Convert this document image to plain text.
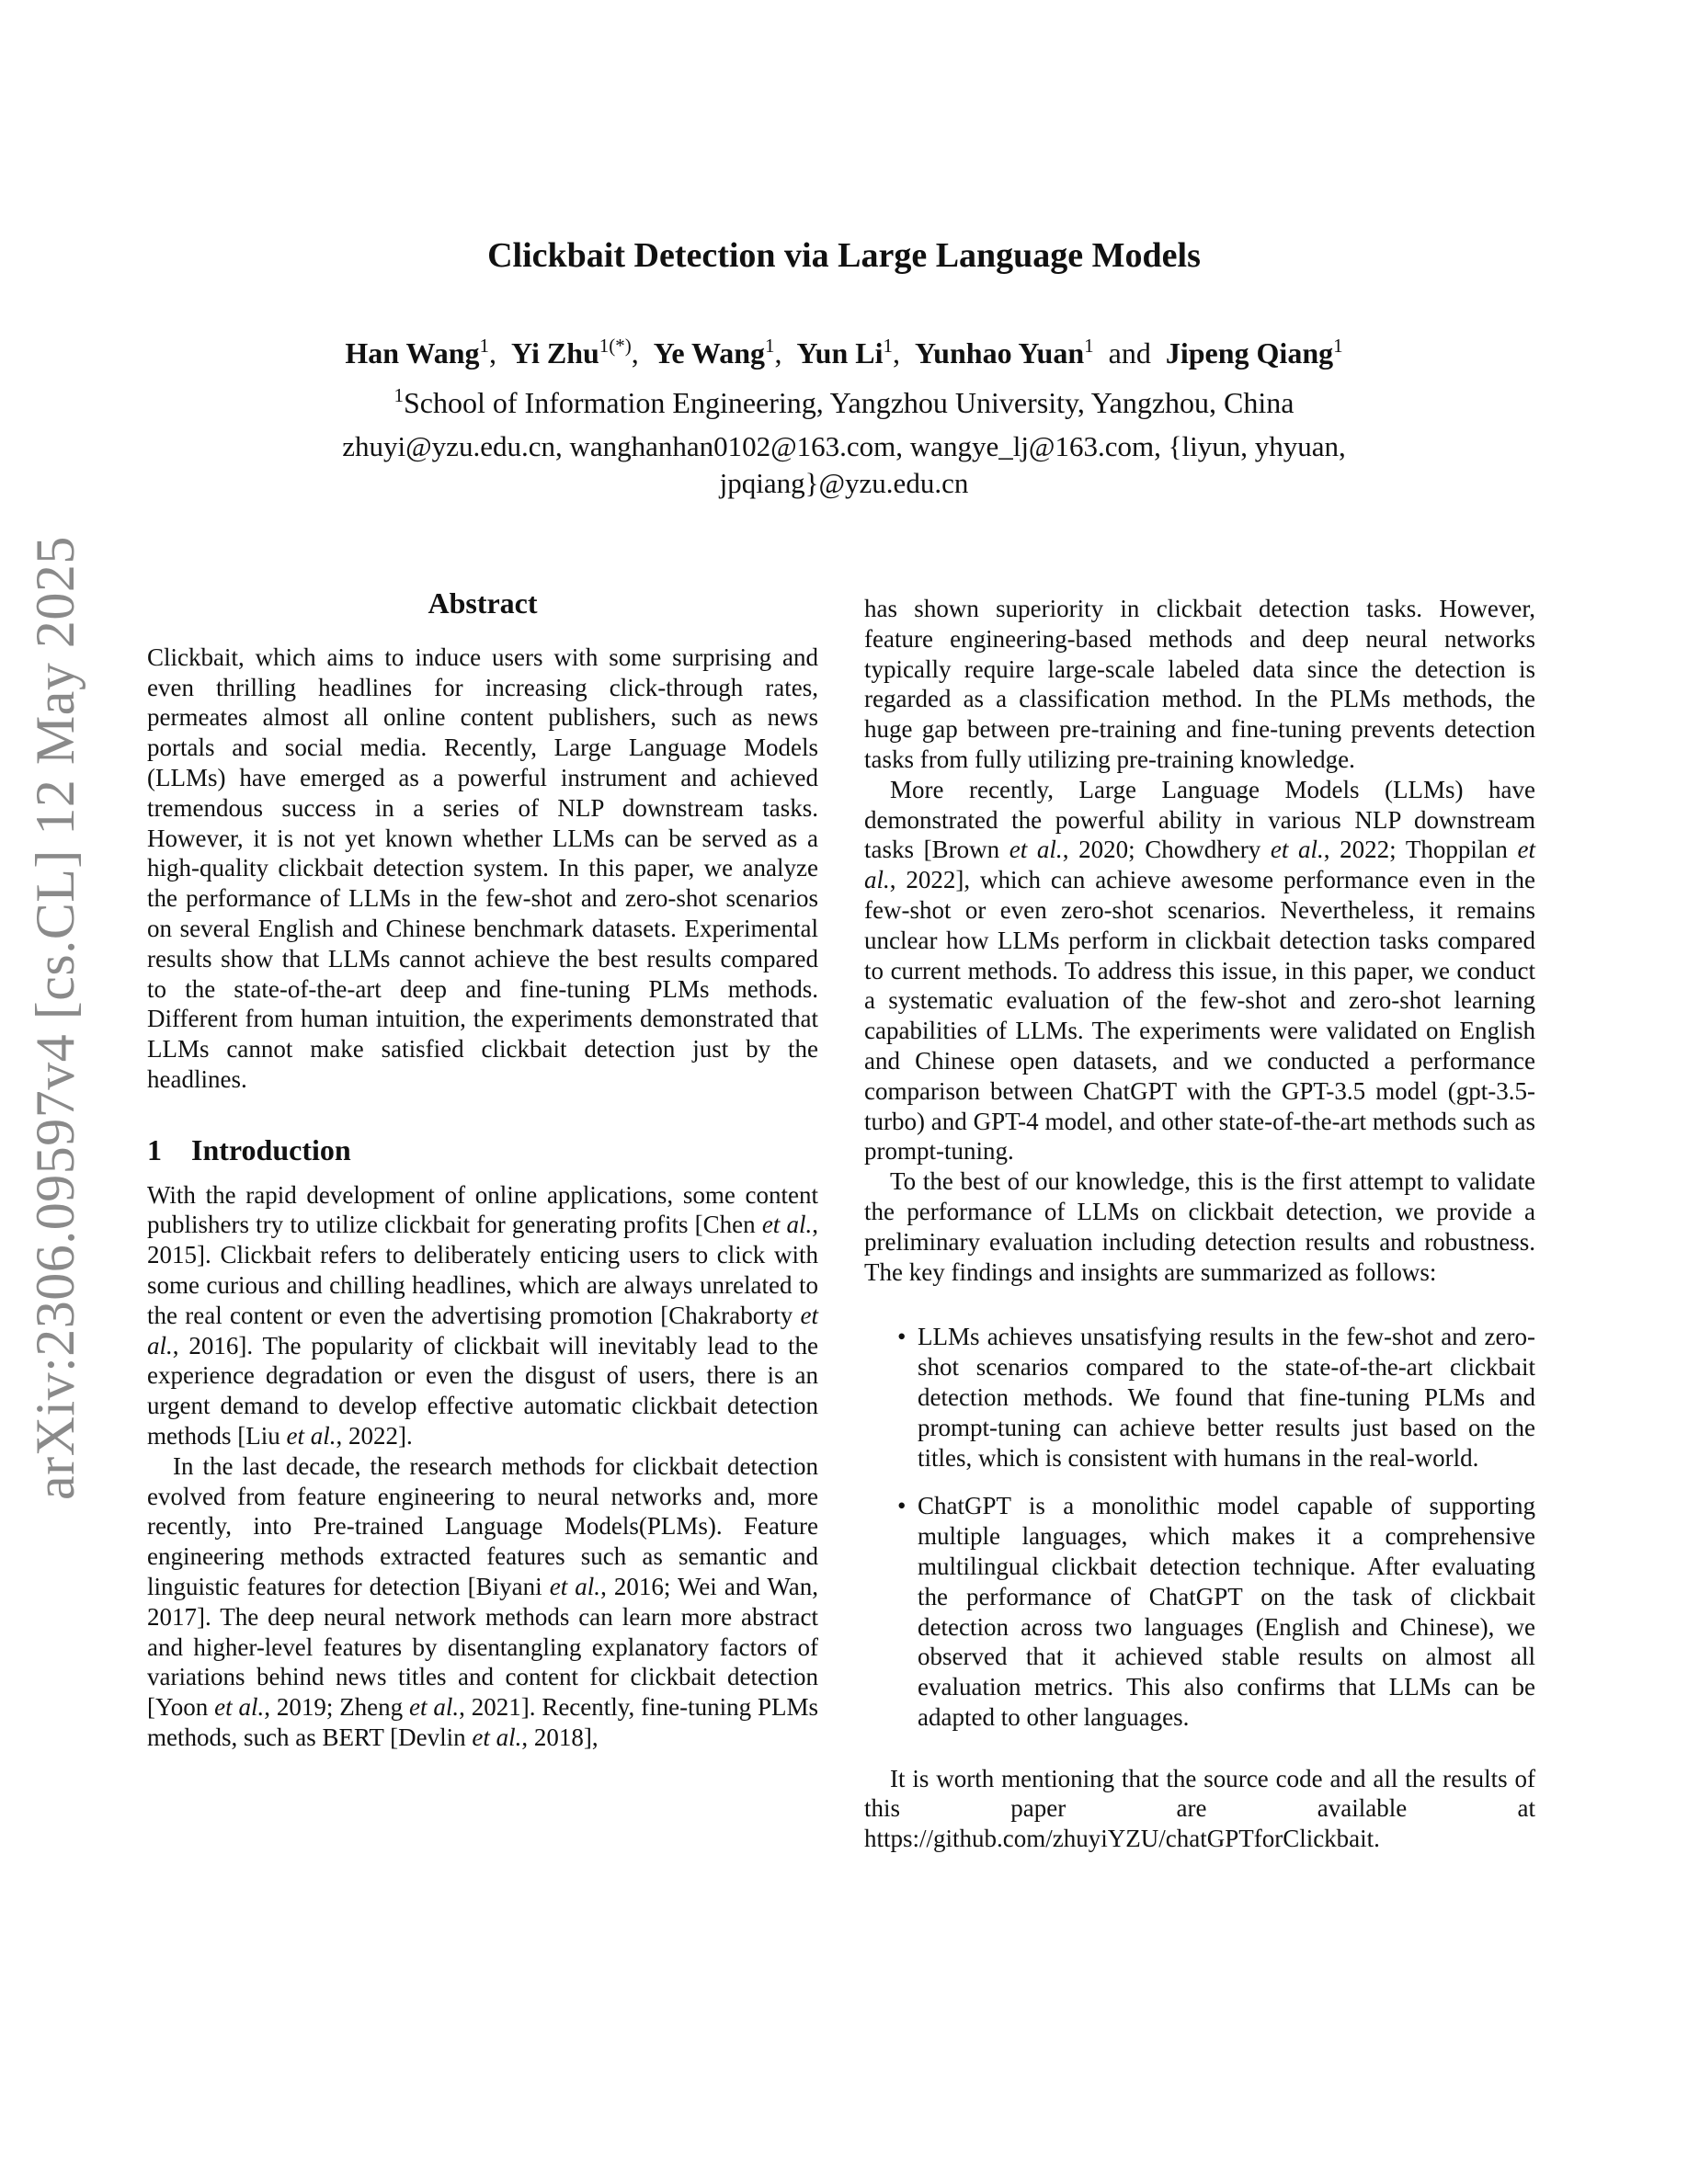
arXiv:2306.09597v4 [cs.CL] 12 May 2025
Clickbait Detection via Large Language Models
Han Wang$^1$,  Yi Zhu$^{1(*)}$,  Ye Wang$^1$,  Yun Li$^1$,  Yunhao Yuan$^1$ and Jipeng Qiang$^1$
$^1$School of Information Engineering, Yangzhou University, Yangzhou, China
zhuyi@yzu.edu.cn, wanghanhan0102@163.com, wangye_lj@163.com, {liyun, yhyuan,
jpqiang}@yzu.edu.cn
Abstract

Clickbait, which aims to induce users with some surprising and even thrilling headlines for increasing click-through rates, permeates almost all online content publishers, such as news portals and social media. Recently, Large Language Models (LLMs) have emerged as a powerful instrument and achieved tremendous success in a series of NLP downstream tasks. However, it is not yet known whether LLMs can be served as a high-quality clickbait detection system. In this paper, we analyze the performance of LLMs in the few-shot and zero-shot scenarios on several English and Chinese benchmark datasets. Experimental results show that LLMs cannot achieve the best results compared to the state-of-the-art deep and fine-tuning PLMs methods. Different from human intuition, the experiments demonstrated that LLMs cannot make satisfied clickbait detection just by the headlines.

1 Introduction

With the rapid development of online applications, some content publishers try to utilize clickbait for generating profits [Chen et al., 2015]. Clickbait refers to deliberately enticing users to click with some curious and chilling headlines, which are always unrelated to the real content or even the advertising promotion [Chakraborty et al., 2016]. The popularity of clickbait will inevitably lead to the experience degradation or even the disgust of users, there is an urgent demand to develop effective automatic clickbait detection methods [Liu et al., 2022].

In the last decade, the research methods for clickbait detection evolved from feature engineering to neural networks and, more recently, into Pre-trained Language Models(PLMs). Feature engineering methods extracted features such as semantic and linguistic features for detection [Biyani et al., 2016; Wei and Wan, 2017]. The deep neural network methods can learn more abstract and higher-level features by disentangling explanatory factors of variations behind news titles and content for clickbait detection [Yoon et al., 2019; Zheng et al., 2021]. Recently, fine-tuning PLMs methods, such as BERT [Devlin et al., 2018],

has shown superiority in clickbait detection tasks. However, feature engineering-based methods and deep neural networks typically require large-scale labeled data since the detection is regarded as a classification method. In the PLMs methods, the huge gap between pre-training and fine-tuning prevents detection tasks from fully utilizing pre-training knowledge.

More recently, Large Language Models (LLMs) have demonstrated the powerful ability in various NLP downstream tasks [Brown et al., 2020; Chowdhery et al., 2022; Thoppilan et al., 2022], which can achieve awesome performance even in the few-shot or even zero-shot scenarios. Nevertheless, it remains unclear how LLMs perform in clickbait detection tasks compared to current methods. To address this issue, in this paper, we conduct a systematic evaluation of the few-shot and zero-shot learning capabilities of LLMs. The experiments were validated on English and Chinese open datasets, and we conducted a performance comparison between ChatGPT with the GPT-3.5 model (gpt-3.5-turbo) and GPT-4 model, and other state-of-the-art methods such as prompt-tuning.

To the best of our knowledge, this is the first attempt to validate the performance of LLMs on clickbait detection, we provide a preliminary evaluation including detection results and robustness. The key findings and insights are summarized as follows:

• LLMs achieves unsatisfying results in the few-shot and zero-shot scenarios compared to the state-of-the-art clickbait detection methods. We found that fine-tuning PLMs and prompt-tuning can achieve better results just based on the titles, which is consistent with humans in the real-world.
• ChatGPT is a monolithic model capable of supporting multiple languages, which makes it a comprehensive multilingual clickbait detection technique. After evaluating the performance of ChatGPT on the task of clickbait detection across two languages (English and Chinese), we observed that it achieved stable results on almost all evaluation metrics. This also confirms that LLMs can be adapted to other languages.

It is worth mentioning that the source code and all the results of this paper are available at https://github.com/zhuyiYZU/chatGPTforClickbait.
